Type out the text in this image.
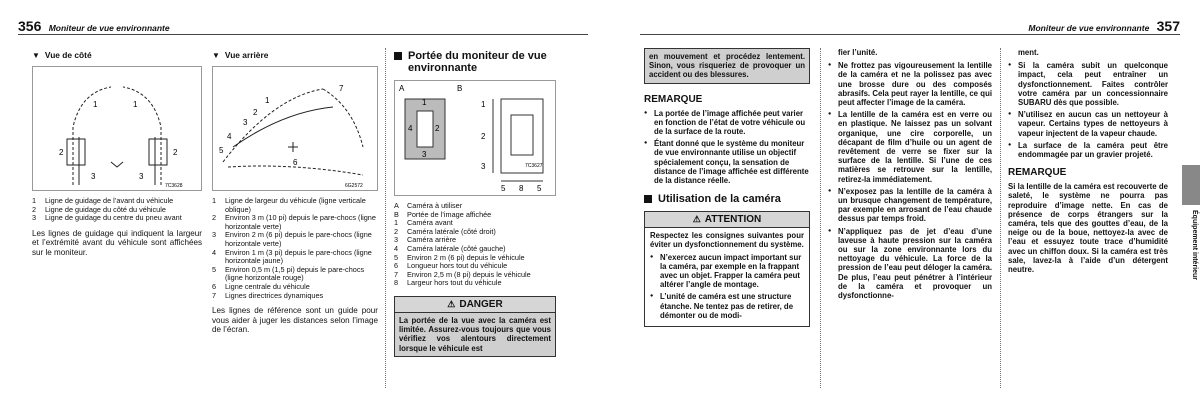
356 Moniteur de vue environnante	Moniteur de vue environnante 357
▼ Vue de côté
1
2
3
1
2
3
7C3628
1	Ligne de guidage de l’avant du véhicule
2	Ligne de guidage du côté du véhicule
3	Ligne de guidage du centre du pneu avant

Les lignes de guidage qui indiquent la largeur et l’extrémité avant du véhicule sont affichées sur le moniteur.

▼ Vue arrière
1
2
3
4
5
6
7
6G2572
1	Ligne de largeur du véhicule (ligne verticale oblique)
2	Environ 3 m (10 pi) depuis le pare-chocs (ligne horizontale verte)
3	Environ 2 m (6 pi) depuis le pare-chocs (ligne horizontale verte)
4	Environ 1 m (3 pi) depuis le pare-chocs (ligne horizontale jaune)
5	Environ 0,5 m (1,5 pi) depuis le pare-chocs (ligne horizontale rouge)
6	Ligne centrale du véhicule
7	Lignes directrices dynamiques

Les lignes de référence sont un guide pour vous aider à juger les distances selon l’image de l’écran.

Portée du moniteur de vue environnante
A	B
1
2
3
4
1
2
3
5 8 5
7C3627
A	Caméra à utiliser
B	Portée de l’image affichée
1	Caméra avant
2	Caméra latérale (côté droit)
3	Caméra arrière
4	Caméra latérale (côté gauche)
5	Environ 2 m (6 pi) depuis le véhicule
6	Longueur hors tout du véhicule
7	Environ 2,5 m (8 pi) depuis le véhicule
8	Largeur hors tout du véhicule
⚠ DANGER

La portée de la vue avec la caméra est limitée. Assurez-vous toujours que vous vérifiez vos alentours directement lorsque le véhicule est

en mouvement et procédez lentement. Sinon, vous risqueriez de provoquer un accident ou des blessures.

REMARQUE
● La portée de l’image affichée peut varier en fonction de l’état de votre véhicule ou de la surface de la route.
● Étant donné que le système du moniteur de vue environnante utilise un objectif spécialement conçu, la sensation de distance de l’image affichée est différente de la distance réelle.
Utilisation de la caméra
⚠ ATTENTION

Respectez les consignes suivantes pour éviter un dysfonctionnement du système.

● N’exercez aucun impact important sur la caméra, par exemple en la frappant avec un objet. Frapper la caméra peut altérer l’angle de montage.
● L’unité de caméra est une structure étanche. Ne tentez pas de retirer, de démonter ou de modi-

fier l’unité.

● Ne frottez pas vigoureusement la lentille de la caméra et ne la polissez pas avec une brosse dure ou des composés abrasifs. Cela peut rayer la lentille, ce qui peut affecter l’image de la caméra.
● La lentille de la caméra est en verre ou en plastique. Ne laissez pas un solvant organique, une cire corporelle, un décapant de film d’huile ou un agent de revêtement de verre se fixer sur la surface de la lentille. Si l’une de ces matières se retrouve sur la lentille, retirez-la immédiatement.
● N’exposez pas la lentille de la caméra à un brusque changement de température, par exemple en arrosant de l’eau chaude dessus par temps froid.
● N’appliquez pas de jet d’eau d’une laveuse à haute pression sur la caméra ou sur la zone environnante lors du nettoyage du véhicule. La force de la pression de l’eau peut déloger la caméra. De plus, l’eau peut pénétrer à l’intérieur de la caméra et provoquer un dysfonctionne-

ment.

● Si la caméra subit un quelconque impact, cela peut entraîner un dysfonctionnement. Faites contrôler votre caméra par un concessionnaire SUBARU dès que possible.
● N’utilisez en aucun cas un nettoyeur à vapeur. Certains types de nettoyeurs à vapeur injectent de la vapeur chaude.
● La surface de la caméra peut être endommagée par un gravier projeté.
REMARQUE

Si la lentille de la caméra est recouverte de saleté, le système ne pourra pas reproduire d’image nette. En cas de présence de corps étrangers sur la caméra, tels que des gouttes d’eau, de la neige ou de la boue, nettoyez-la avec de l’eau et essuyez toute trace d’humidité avec un chiffon doux. Si la caméra est très sale, lavez-la à l’aide d’un détergent neutre.	Équipement intérieur
